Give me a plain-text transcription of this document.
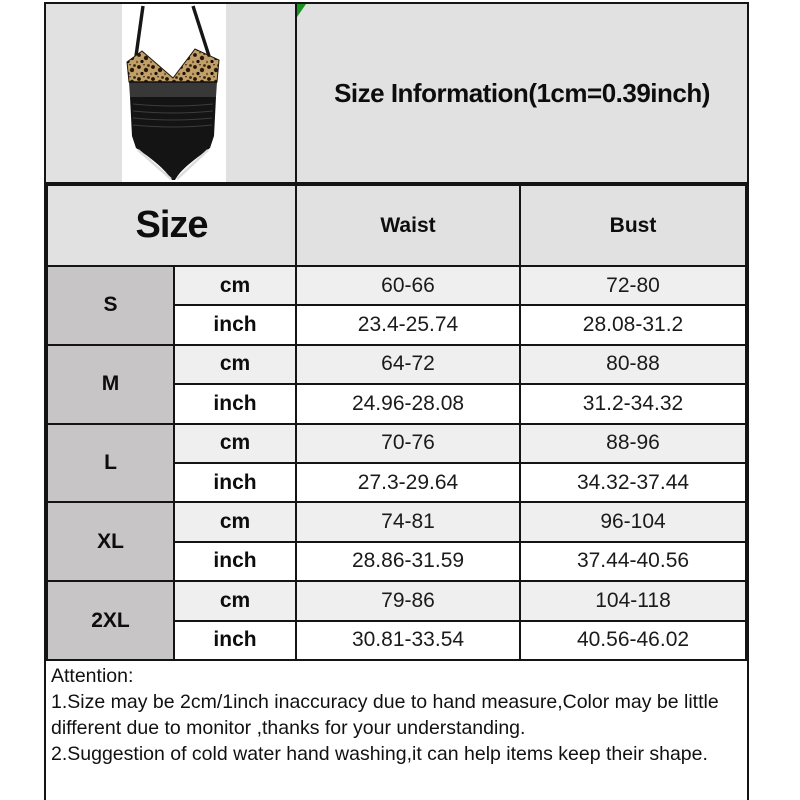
Size Information(1cm=0.39inch)
Size		Waist	Bust
S	cm	60-66	72-80
	inch	23.4-25.74	28.08-31.2
M	cm	64-72	80-88
	inch	24.96-28.08	31.2-34.32
L	cm	70-76	88-96
	inch	27.3-29.64	34.32-37.44
XL	cm	74-81	96-104
	inch	28.86-31.59	37.44-40.56
2XL	cm	79-86	104-118
	inch	30.81-33.54	40.56-46.02
Attention:
1.Size may be 2cm/1inch inaccuracy due to hand measure,Color may be little
different due to monitor ,thanks for your understanding.
2.Suggestion of cold water hand washing,it can help items keep their shape.
